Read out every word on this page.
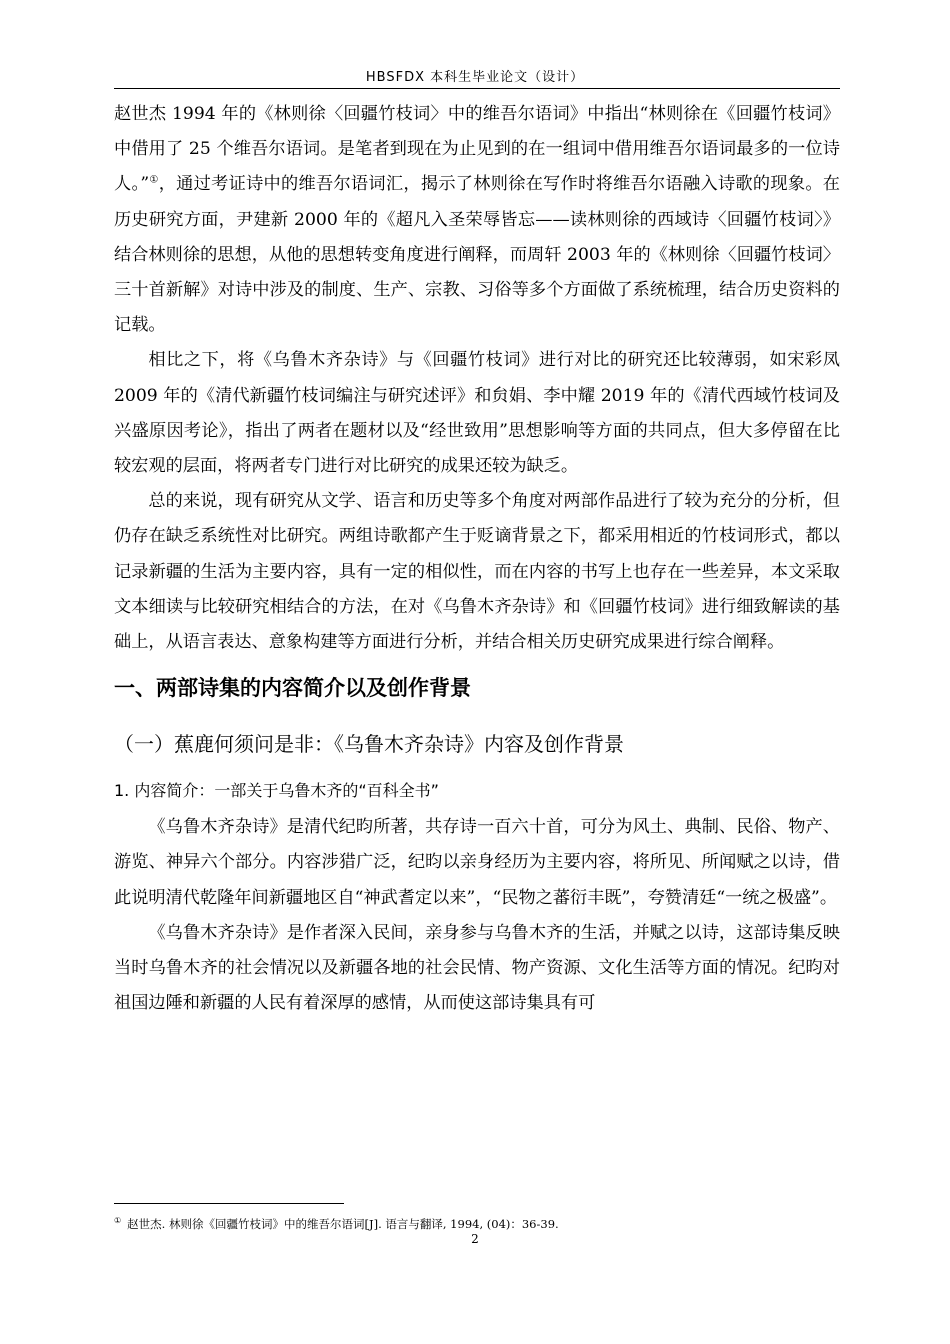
HBSFDX 本科生毕业论文（设计）

赵世杰 1994 年的《林则徐〈回疆竹枝词〉中的维吾尔语词》中指出“林则徐在《回疆竹枝词》中借用了 25 个维吾尔语词。是笔者到现在为止见到的在一组词中借用维吾尔语词最多的一位诗人。”①，通过考证诗中的维吾尔语词汇，揭示了林则徐在写作时将维吾尔语融入诗歌的现象。在历史研究方面，尹建新 2000 年的《超凡入圣荣辱皆忘——读林则徐的西域诗〈回疆竹枝词〉》结合林则徐的思想，从他的思想转变角度进行阐释，而周轩 2003 年的《林则徐〈回疆竹枝词〉三十首新解》对诗中涉及的制度、生产、宗教、习俗等多个方面做了系统梳理，结合历史资料的记载。

相比之下，将《乌鲁木齐杂诗》与《回疆竹枝词》进行对比的研究还比较薄弱，如宋彩凤 2009 年的《清代新疆竹枝词编注与研究述评》和贠娟、李中耀 2019 年的《清代西域竹枝词及兴盛原因考论》，指出了两者在题材以及“经世致用”思想影响等方面的共同点，但大多停留在比较宏观的层面，将两者专门进行对比研究的成果还较为缺乏。

总的来说，现有研究从文学、语言和历史等多个角度对两部作品进行了较为充分的分析，但仍存在缺乏系统性对比研究。两组诗歌都产生于贬谪背景之下，都采用相近的竹枝词形式，都以记录新疆的生活为主要内容，具有一定的相似性，而在内容的书写上也存在一些差异，本文采取文本细读与比较研究相结合的方法，在对《乌鲁木齐杂诗》和《回疆竹枝词》进行细致解读的基础上，从语言表达、意象构建等方面进行分析，并结合相关历史研究成果进行综合阐释。

一、两部诗集的内容简介以及创作背景

（一）蕉鹿何须问是非：《乌鲁木齐杂诗》内容及创作背景

1. 内容简介：一部关于乌鲁木齐的“百科全书”

《乌鲁木齐杂诗》是清代纪昀所著，共存诗一百六十首，可分为风土、典制、民俗、物产、游览、神异六个部分。内容涉猎广泛，纪昀以亲身经历为主要内容，将所见、所闻赋之以诗，借此说明清代乾隆年间新疆地区自“神武耆定以来”，“民物之蕃衍丰既”，夸赞清廷“一统之极盛”。

《乌鲁木齐杂诗》是作者深入民间，亲身参与乌鲁木齐的生活，并赋之以诗，这部诗集反映当时乌鲁木齐的社会情况以及新疆各地的社会民情、物产资源、文化生活等方面的情况。纪昀对祖国边陲和新疆的人民有着深厚的感情，从而使这部诗集具有可

① 赵世杰. 林则徐《回疆竹枝词》中的维吾尔语词[J]. 语言与翻译, 1994, (04)：36-39.
2
